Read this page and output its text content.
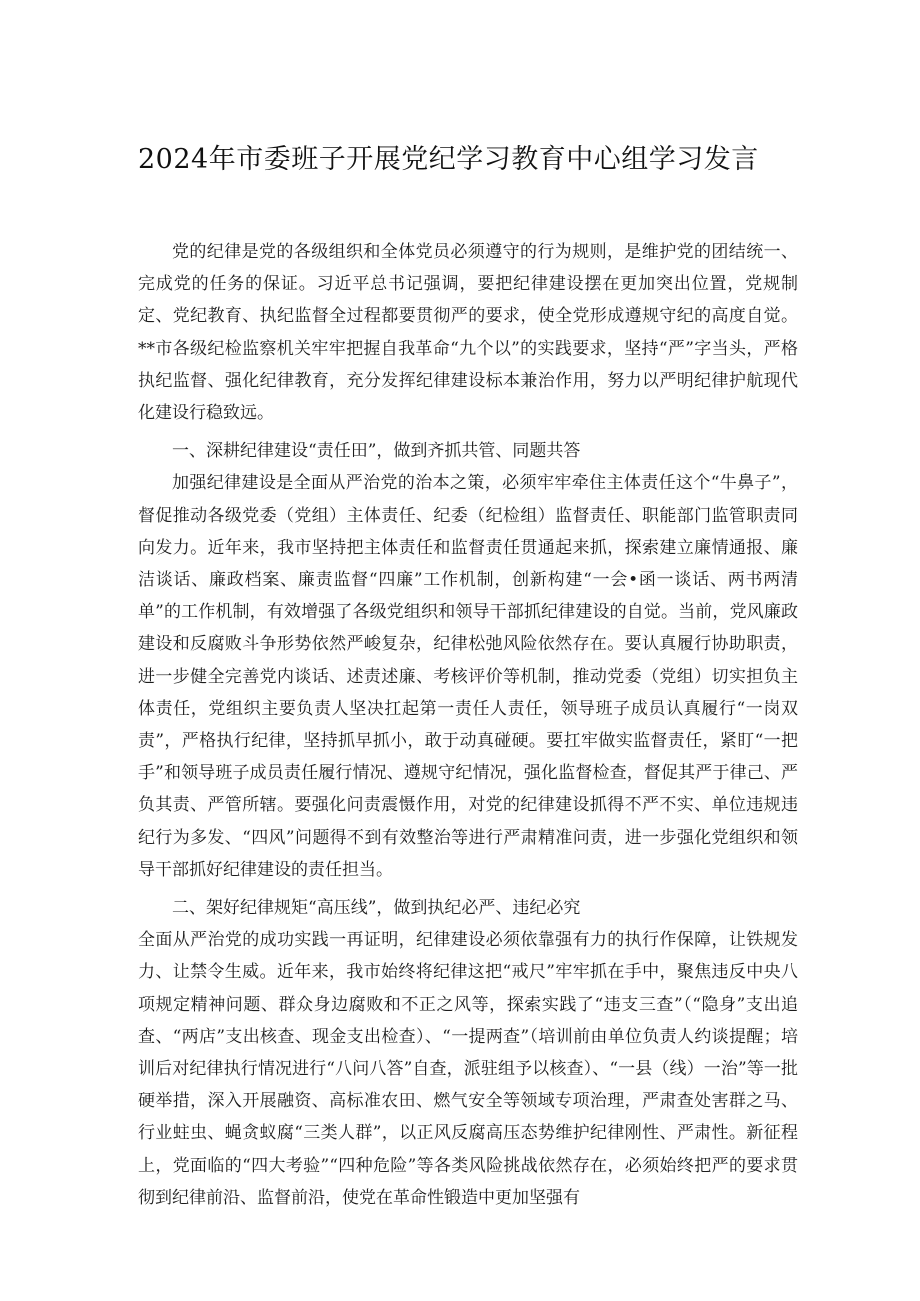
2024年市委班子开展党纪学习教育中心组学习发言

党的纪律是党的各级组织和全体党员必须遵守的行为规则，是维护党的团结统一、完成党的任务的保证。习近平总书记强调，要把纪律建设摆在更加突出位置，党规制定、党纪教育、执纪监督全过程都要贯彻严的要求，使全党形成遵规守纪的高度自觉。**市各级纪检监察机关牢牢把握自我革命“九个以”的实践要求，坚持“严”字当头，严格执纪监督、强化纪律教育，充分发挥纪律建设标本兼治作用，努力以严明纪律护航现代化建设行稳致远。

一、深耕纪律建设“责任田”，做到齐抓共管、同题共答

加强纪律建设是全面从严治党的治本之策，必须牢牢牵住主体责任这个“牛鼻子”，督促推动各级党委（党组）主体责任、纪委（纪检组）监督责任、职能部门监管职责同向发力。近年来，我市坚持把主体责任和监督责任贯通起来抓，探索建立廉情通报、廉洁谈话、廉政档案、廉责监督“四廉”工作机制，创新构建“一会•函一谈话、两书两清单”的工作机制，有效增强了各级党组织和领导干部抓纪律建设的自觉。当前，党风廉政建设和反腐败斗争形势依然严峻复杂，纪律松弛风险依然存在。要认真履行协助职责，进一步健全完善党内谈话、述责述廉、考核评价等机制，推动党委（党组）切实担负主体责任，党组织主要负责人坚决扛起第一责任人责任，领导班子成员认真履行“一岗双责”，严格执行纪律，坚持抓早抓小，敢于动真碰硬。要扛牢做实监督责任，紧盯“一把手”和领导班子成员责任履行情况、遵规守纪情况，强化监督检查，督促其严于律己、严负其责、严管所辖。要强化问责震慑作用，对党的纪律建设抓得不严不实、单位违规违纪行为多发、“四风”问题得不到有效整治等进行严肃精准问责，进一步强化党组织和领导干部抓好纪律建设的责任担当。

二、架好纪律规矩“高压线”，做到执纪必严、违纪必究

全面从严治党的成功实践一再证明，纪律建设必须依靠强有力的执行作保障，让铁规发力、让禁令生威。近年来，我市始终将纪律这把“戒尺”牢牢抓在手中，聚焦违反中央八项规定精神问题、群众身边腐败和不正之风等，探索实践了“违支三查”（“隐身”支出追查、“两店”支出核查、现金支出检查）、“一提两查”（培训前由单位负责人约谈提醒；培训后对纪律执行情况进行“八问八答”自查，派驻组予以核查）、“一县（线）一治”等一批硬举措，深入开展融资、高标准农田、燃气安全等领域专项治理，严肃查处害群之马、行业蛀虫、蝇贪蚁腐“三类人群”，以正风反腐高压态势维护纪律刚性、严肃性。新征程上，党面临的“四大考验”“四种危险”等各类风险挑战依然存在，必须始终把严的要求贯彻到纪律前沿、监督前沿，使党在革命性锻造中更加坚强有
